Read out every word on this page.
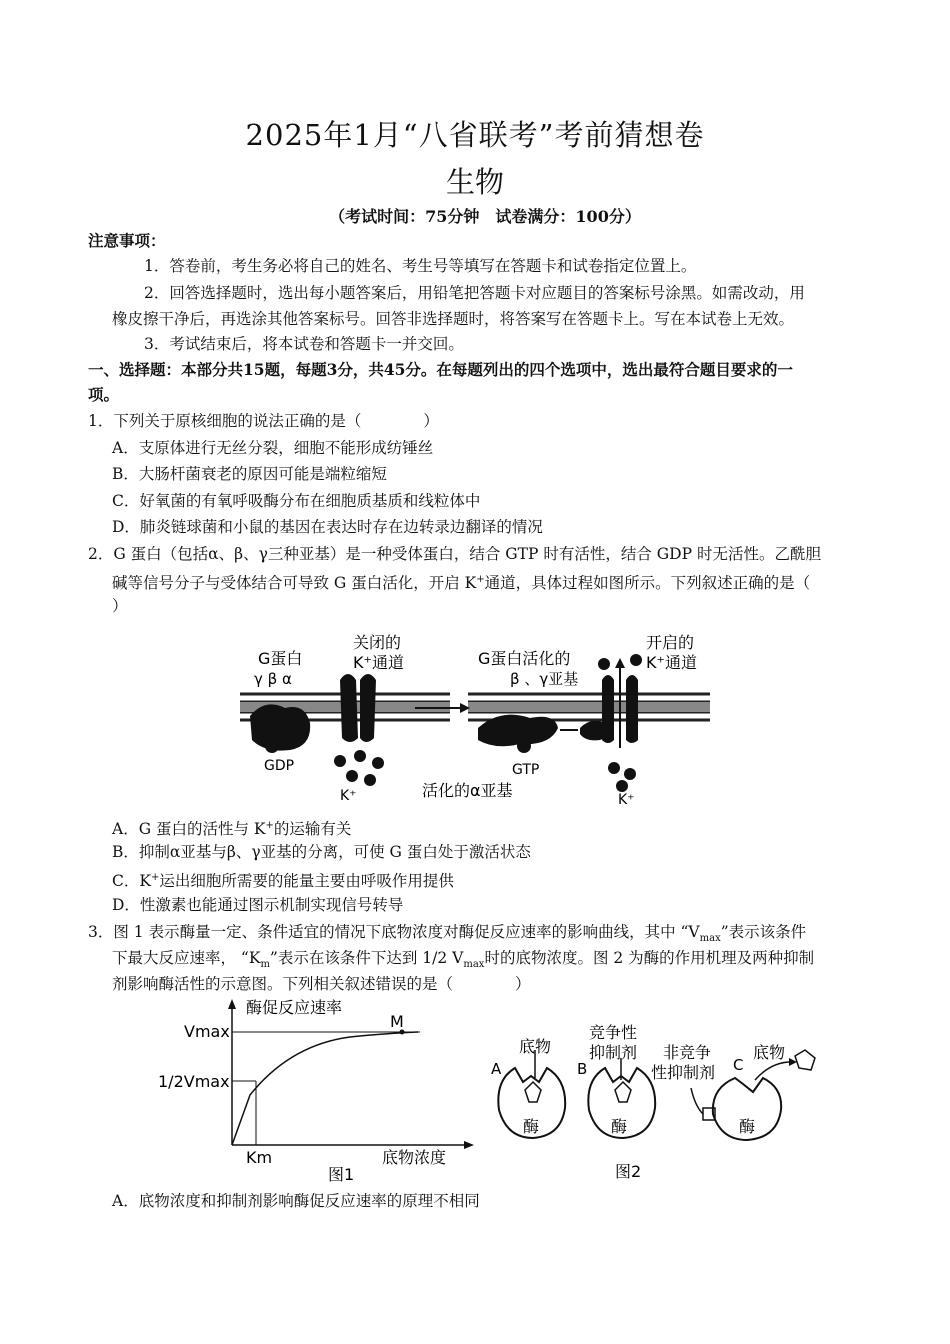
2025年1月“八省联考”考前猜想卷
生物
（考试时间：75分钟　试卷满分：100分）
注意事项：
1．答卷前，考生务必将自己的姓名、考生号等填写在答题卡和试卷指定位置上。
2．回答选择题时，选出每小题答案后，用铅笔把答题卡对应题目的答案标号涂黑。如需改动，用
橡皮擦干净后，再选涂其他答案标号。回答非选择题时，将答案写在答题卡上。写在本试卷上无效。
3．考试结束后，将本试卷和答题卡一并交回。
一、选择题：本部分共15题，每题3分，共45分。在每题列出的四个选项中，选出最符合题目要求的一
项。
1．下列关于原核细胞的说法正确的是（　　　　）
A．支原体进行无丝分裂，细胞不能形成纺锤丝
B．大肠杆菌衰老的原因可能是端粒缩短
C．好氧菌的有氧呼吸酶分布在细胞质基质和线粒体中
D．肺炎链球菌和小鼠的基因在表达时存在边转录边翻译的情况
2．G 蛋白（包括α、β、γ三种亚基）是一种受体蛋白，结合 GTP 时有活性，结合 GDP 时无活性。乙酰胆
碱等信号分子与受体结合可导致 G 蛋白活化，开启 K+通道，具体过程如图所示。下列叙述正确的是（
）
G蛋白
γ β α
关闭的
K⁺通道	G蛋白活化的
β 、γ亚基
开启的
K⁺通道
GDP
K⁺
GTP
活化的α亚基	K⁺
A．G 蛋白的活性与 K+的运输有关
B．抑制α亚基与β、γ亚基的分离，可使 G 蛋白处于激活状态
C．K+运出细胞所需要的能量主要由呼吸作用提供
D．性激素也能通过图示机制实现信号转导
3．图 1 表示酶量一定、条件适宜的情况下底物浓度对酶促反应速率的影响曲线，其中 “$V_{max}$”表示该条件
下最大反应速率， “$K_m$”表示在该条件下达到 1/2 $V_{max}$时的底物浓度。图 2 为酶的作用机理及两种抑制
剂影响酶活性的示意图。下列相关叙述错误的是（　　　　）
酶促反应速率
Vmax
1/2Vmax
Km
M
底物浓度
图1
底物
A
酶
竞争性
抑制剂
B
酶
非竞争
性抑制剂 C
底物
酶
图2
A．底物浓度和抑制剂影响酶促反应速率的原理不相同
